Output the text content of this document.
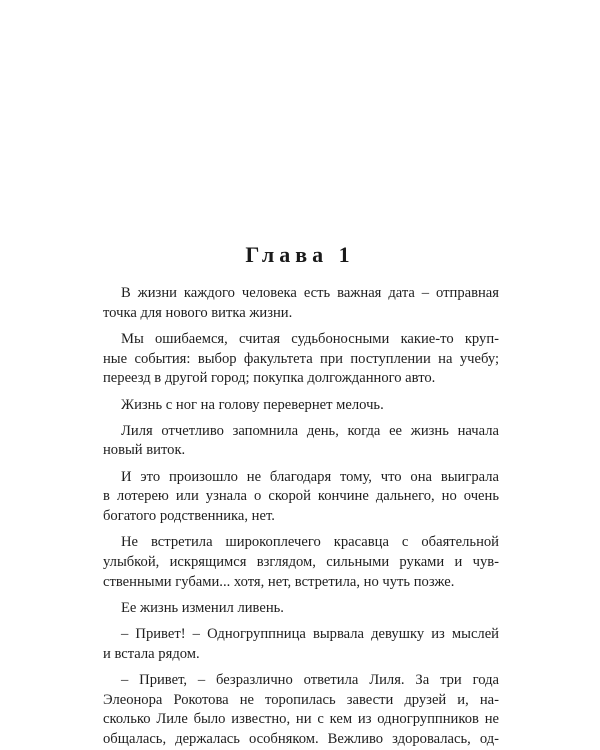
Глава 1
В жизни каждого человека есть важная дата – отправная
точка для нового витка жизни.
Мы ошибаемся, считая судьбоносными какие-то круп-
ные события: выбор факультета при поступлении на учебу;
переезд в другой город; покупка долгожданного авто.
Жизнь с ног на голову перевернет мелочь.
Лиля отчетливо запомнила день, когда ее жизнь начала
новый виток.
И это произошло не благодаря тому, что она выиграла
в лотерею или узнала о скорой кончине дальнего, но очень
богатого родственника, нет.
Не встретила широкоплечего красавца с обаятельной
улыбкой, искрящимся взглядом, сильными руками и чув-
ственными губами... хотя, нет, встретила, но чуть позже.
Ее жизнь изменил ливень.
– Привет! – Одногруппница вырвала девушку из мыслей
и встала рядом.
– Привет, – безразлично ответила Лиля. За три года
Элеонора Рокотова не торопилась завести друзей и, на-
сколько Лиле было известно, ни с кем из одногруппников не
общалась, держалась особняком. Вежливо здоровалась, од-
